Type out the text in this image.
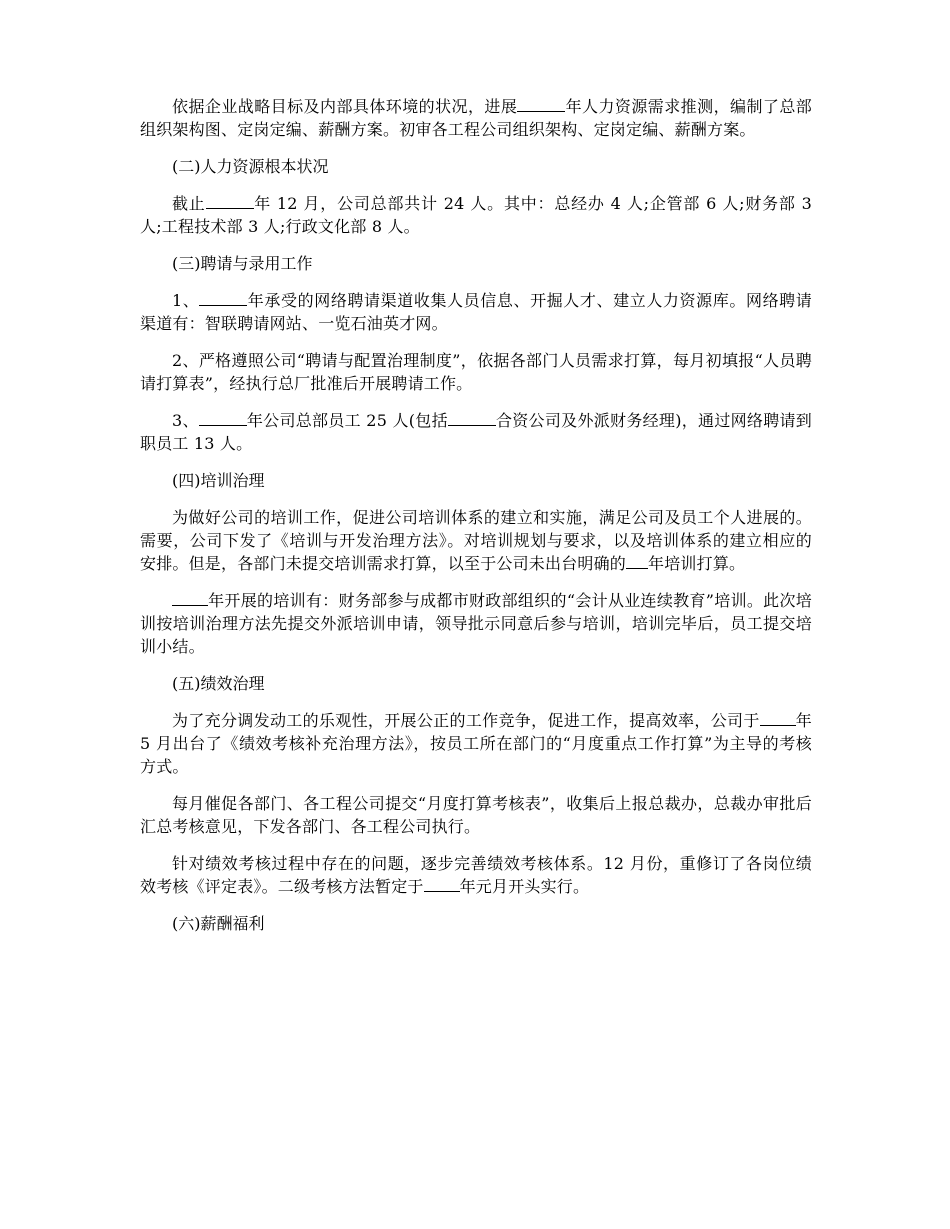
依据企业战略目标及内部具体环境的状况，进展	年人力资源需求推测，编制了总部组织架构图、定岗定编、薪酬方案。初审各工程公司组织架构、定岗定编、薪酬方案。

(二)人力资源根本状况

截止	年 12 月，公司总部共计 24 人。其中：总经办 4 人;企管部 6 人;财务部 3 人;工程技术部 3 人;行政文化部 8 人。

(三)聘请与录用工作

1、	年承受的网络聘请渠道收集人员信息、开掘人才、建立人力资源库。网络聘请渠道有：智联聘请网站、一览石油英才网。

2、严格遵照公司“聘请与配置治理制度”，依据各部门人员需求打算，每月初填报“人员聘请打算表”，经执行总厂批准后开展聘请工作。

3、	年公司总部员工 25 人(包括	合资公司及外派财务经理)，通过网络聘请到职员工 13 人。

(四)培训治理

为做好公司的培训工作，促进公司培训体系的建立和实施，满足公司及员工个人进展的。需要，公司下发了《培训与开发治理方法》。对培训规划与要求，以及培训体系的建立相应的安排。但是，各部门未提交培训需求打算，以至于公司未出台明确的 年培训打算。

年开展的培训有：财务部参与成都市财政部组织的“会计从业连续教育”培训。此次培训按培训治理方法先提交外派培训申请，领导批示同意后参与培训，培训完毕后，员工提交培训小结。

(五)绩效治理

为了充分调发动工的乐观性，开展公正的工作竞争，促进工作，提高效率，公司于 年 5 月出台了《绩效考核补充治理方法》，按员工所在部门的“月度重点工作打算”为主导的考核方式。

每月催促各部门、各工程公司提交“月度打算考核表”，收集后上报总裁办，总裁办审批后汇总考核意见，下发各部门、各工程公司执行。

针对绩效考核过程中存在的问题，逐步完善绩效考核体系。12 月份，重修订了各岗位绩效考核《评定表》。二级考核方法暂定于 年元月开头实行。

(六)薪酬福利
